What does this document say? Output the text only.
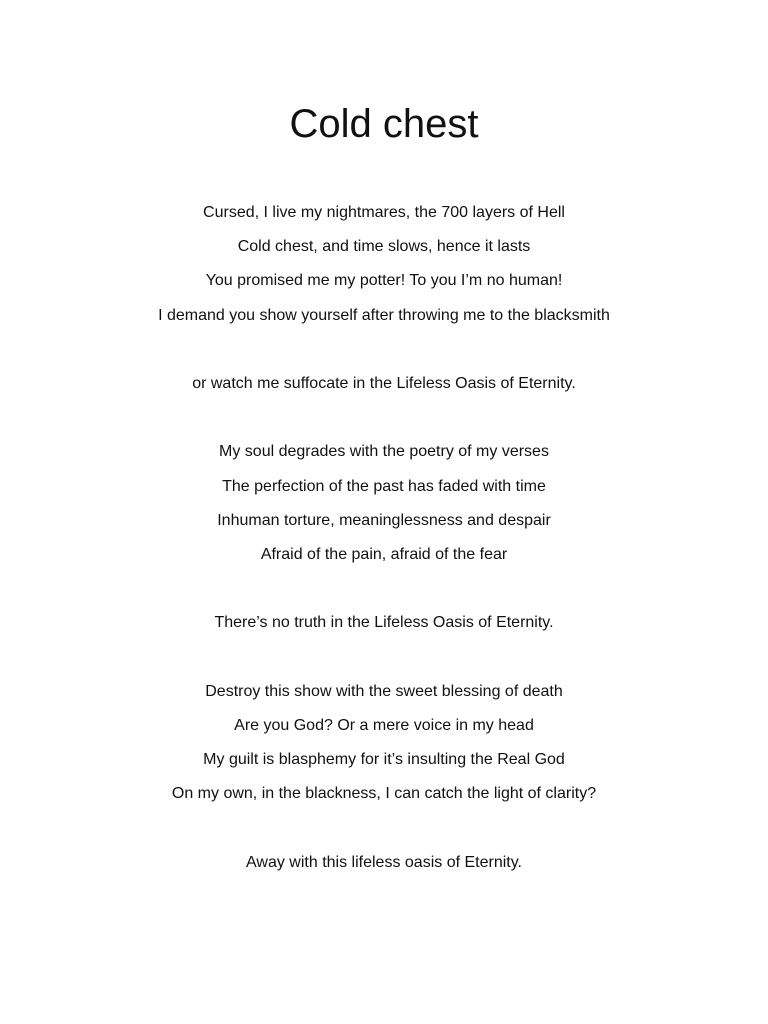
Cold chest
Cursed, I live my nightmares, the 700 layers of Hell
Cold chest, and time slows, hence it lasts
You promised me my potter! To you I’m no human!
I demand you show yourself after throwing me to the blacksmith
or watch me suffocate in the Lifeless Oasis of Eternity.
My soul degrades with the poetry of my verses
The perfection of the past has faded with time
Inhuman torture, meaninglessness and despair
Afraid of the pain, afraid of the fear
There’s no truth in the Lifeless Oasis of Eternity.
Destroy this show with the sweet blessing of death
Are you God? Or a mere voice in my head
My guilt is blasphemy for it’s insulting the Real God
On my own, in the blackness, I can catch the light of clarity?
Away with this lifeless oasis of Eternity.
